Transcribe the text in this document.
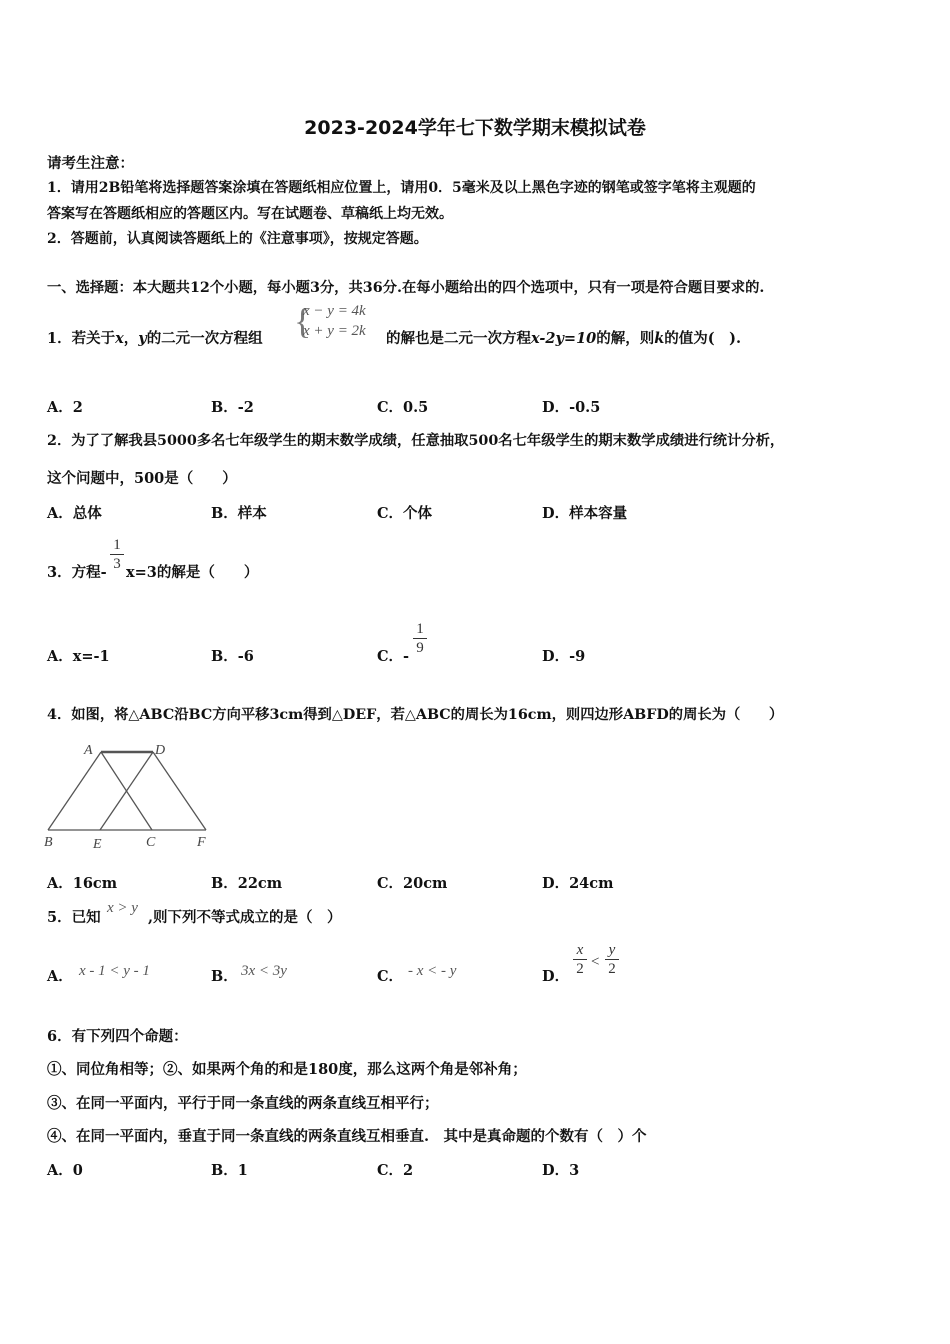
2023-2024学年七下数学期末模拟试卷
请考生注意：
1．请用2B铅笔将选择题答案涂填在答题纸相应位置上，请用0．5毫米及以上黑色字迹的钢笔或签字笔将主观题的
答案写在答题纸相应的答题区内。写在试题卷、草稿纸上均无效。
2．答题前，认真阅读答题纸上的《注意事项》，按规定答题。
一、选择题：本大题共12个小题，每小题3分，共36分.在每小题给出的四个选项中，只有一项是符合题目要求的.
1．若关于x，y的二元一次方程组 {
x − y = 4k
x + y = 2k 的解也是二元一次方程x-2y=10的解，则k的值为(　).
A．2	B．-2	C．0.5	D．-0.5
2．为了了解我县5000多名七年级学生的期末数学成绩，任意抽取500名七年级学生的期末数学成绩进行统计分析，
这个问题中，500是（　　）
A．总体	B．样本	C．个体	D．样本容量
3．方程-
1
3 x=3的解是（　　）
A．x=-1	B．-6	C．-
1
9	D．-9
4．如图，将△ABC沿BC方向平移3cm得到△DEF，若△ABC的周长为16cm，则四边形ABFD的周长为（　　）
A	D
B	E	C	F
A．16cm	B．22cm	C．20cm	D．24cm
5．已知
x > y
,则下列不等式成立的是（　）
A． x - 1 < y - 1	B． 3x < 3y	C． - x < - y	D．
x
2 <
y
2
6．有下列四个命题：
①、同位角相等；②、如果两个角的和是180度，那么这两个角是邻补角；
③、在同一平面内，平行于同一条直线的两条直线互相平行；
④、在同一平面内，垂直于同一条直线的两条直线互相垂直.　其中是真命题的个数有（　）个
A．0	B．1	C．2	D．3
